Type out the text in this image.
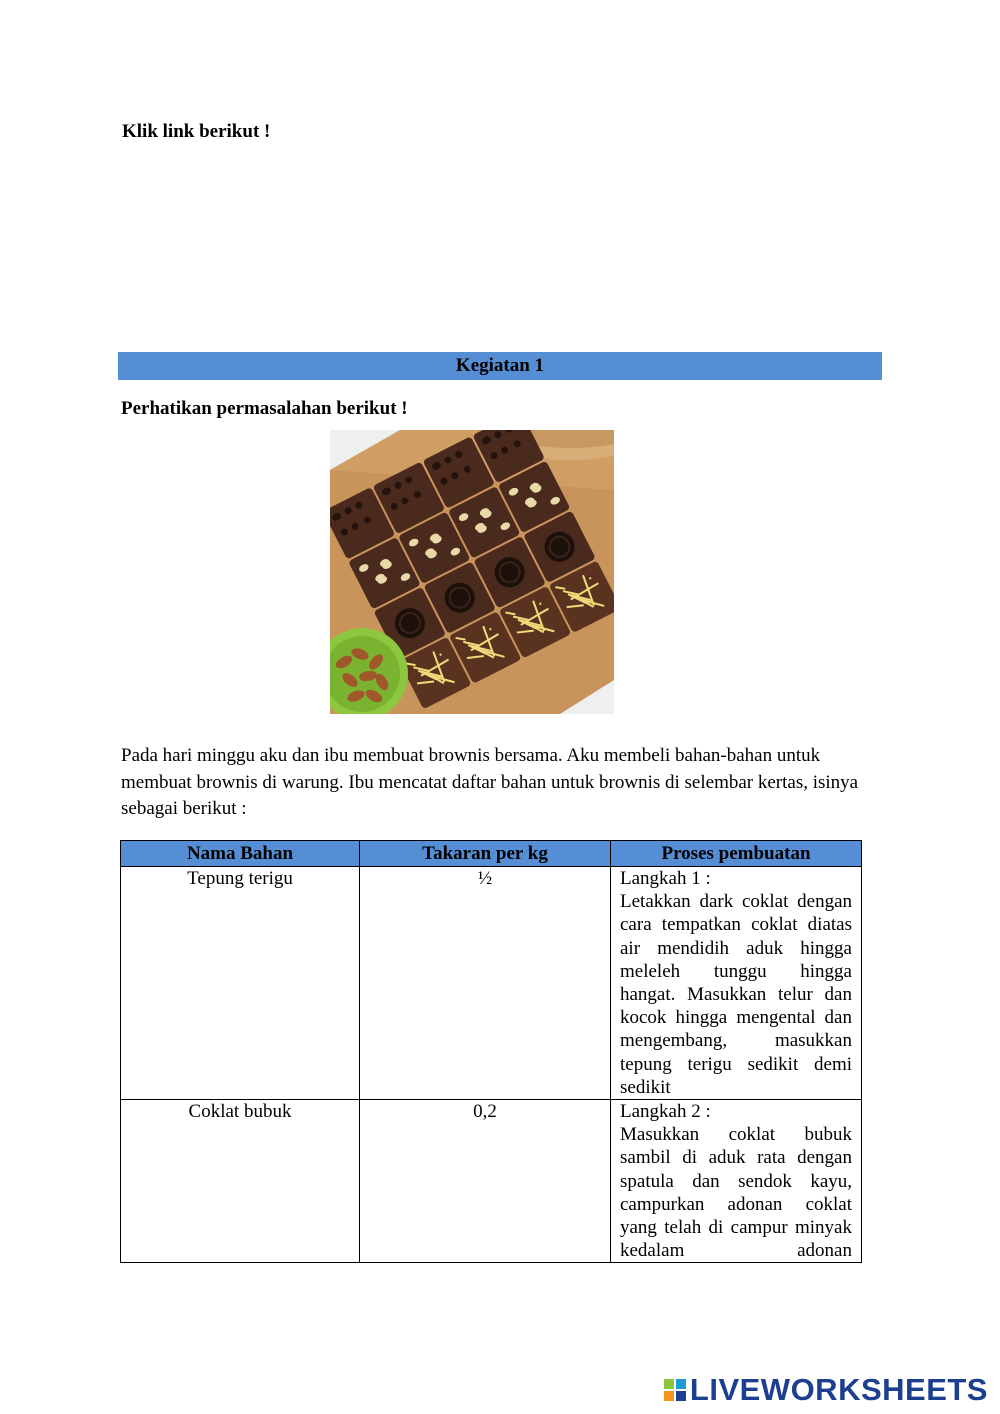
Klik link berikut !
Kegiatan 1
Perhatikan permasalahan berikut !
Pada hari minggu aku dan ibu membuat brownis bersama. Aku membeli bahan-bahan untuk membuat brownis di warung. Ibu mencatat daftar bahan untuk brownis di selembar kertas, isinya sebagai berikut :
Nama Bahan	Takaran per kg	Proses pembuatan
Tepung terigu	½	Langkah 1 :
Letakkan dark coklat dengan cara tempatkan coklat diatas air mendidih aduk hingga meleleh tunggu hingga hangat. Masukkan telur dan kocok hingga mengental dan mengembang, masukkan tepung terigu sedikit demi sedikit

Coklat bubuk	0,2	Langkah 2 :
Masukkan coklat bubuk sambil di aduk rata dengan spatula dan sendok kayu, campurkan adonan coklat yang telah di campur minyak kedalam adonan
LIVEWORKSHEETS
